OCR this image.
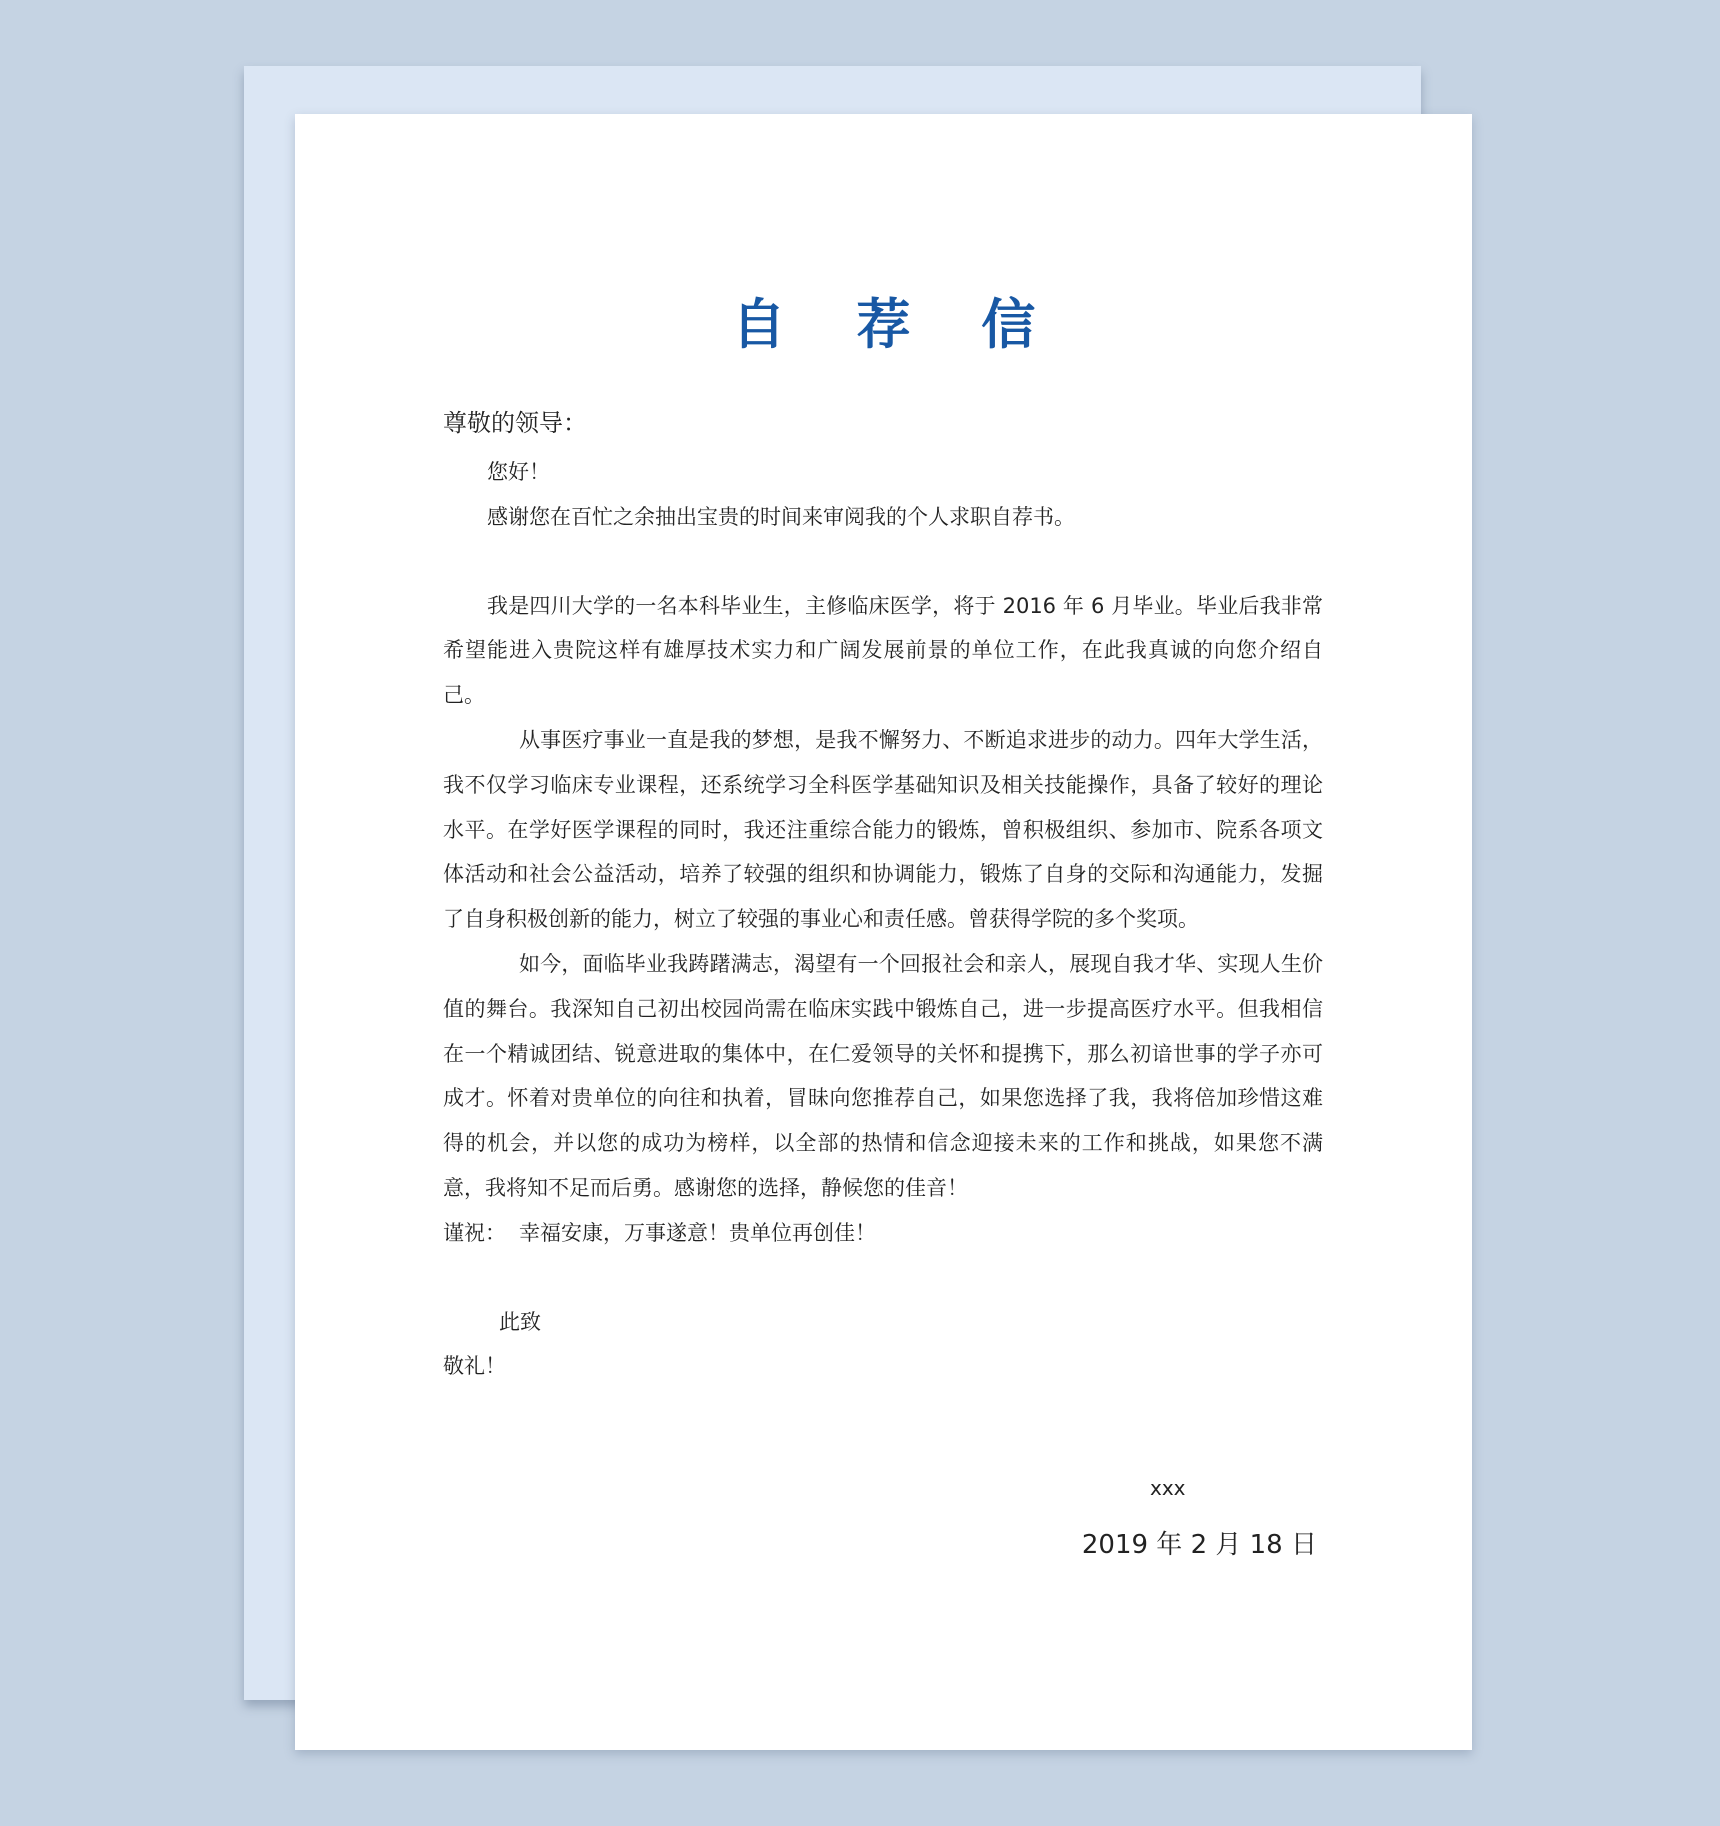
自 荐 信

尊敬的领导：

您好！

感谢您在百忙之余抽出宝贵的时间来审阅我的个人求职自荐书。

我是四川大学的一名本科毕业生，主修临床医学，将于 2016 年 6 月毕业。毕业后我非常希望能进入贵院这样有雄厚技术实力和广阔发展前景的单位工作，在此我真诚的向您介绍自己。

从事医疗事业一直是我的梦想，是我不懈努力、不断追求进步的动力。四年大学生活，我不仅学习临床专业课程，还系统学习全科医学基础知识及相关技能操作，具备了较好的理论水平。在学好医学课程的同时，我还注重综合能力的锻炼，曾积极组织、参加市、院系各项文体活动和社会公益活动，培养了较强的组织和协调能力，锻炼了自身的交际和沟通能力，发掘了自身积极创新的能力，树立了较强的事业心和责任感。曾获得学院的多个奖项。

如今，面临毕业我踌躇满志，渴望有一个回报社会和亲人，展现自我才华、实现人生价值的舞台。我深知自己初出校园尚需在临床实践中锻炼自己，进一步提高医疗水平。但我相信在一个精诚团结、锐意进取的集体中，在仁爱领导的关怀和提携下，那么初谙世事的学子亦可成才。怀着对贵单位的向往和执着，冒昧向您推荐自己，如果您选择了我，我将倍加珍惜这难得的机会，并以您的成功为榜样，以全部的热情和信念迎接未来的工作和挑战，如果您不满意，我将知不足而后勇。感谢您的选择，静候您的佳音！

谨祝： 幸福安康，万事遂意！贵单位再创佳！

此致

敬礼！

xxx
2019 年 2 月 18 日
